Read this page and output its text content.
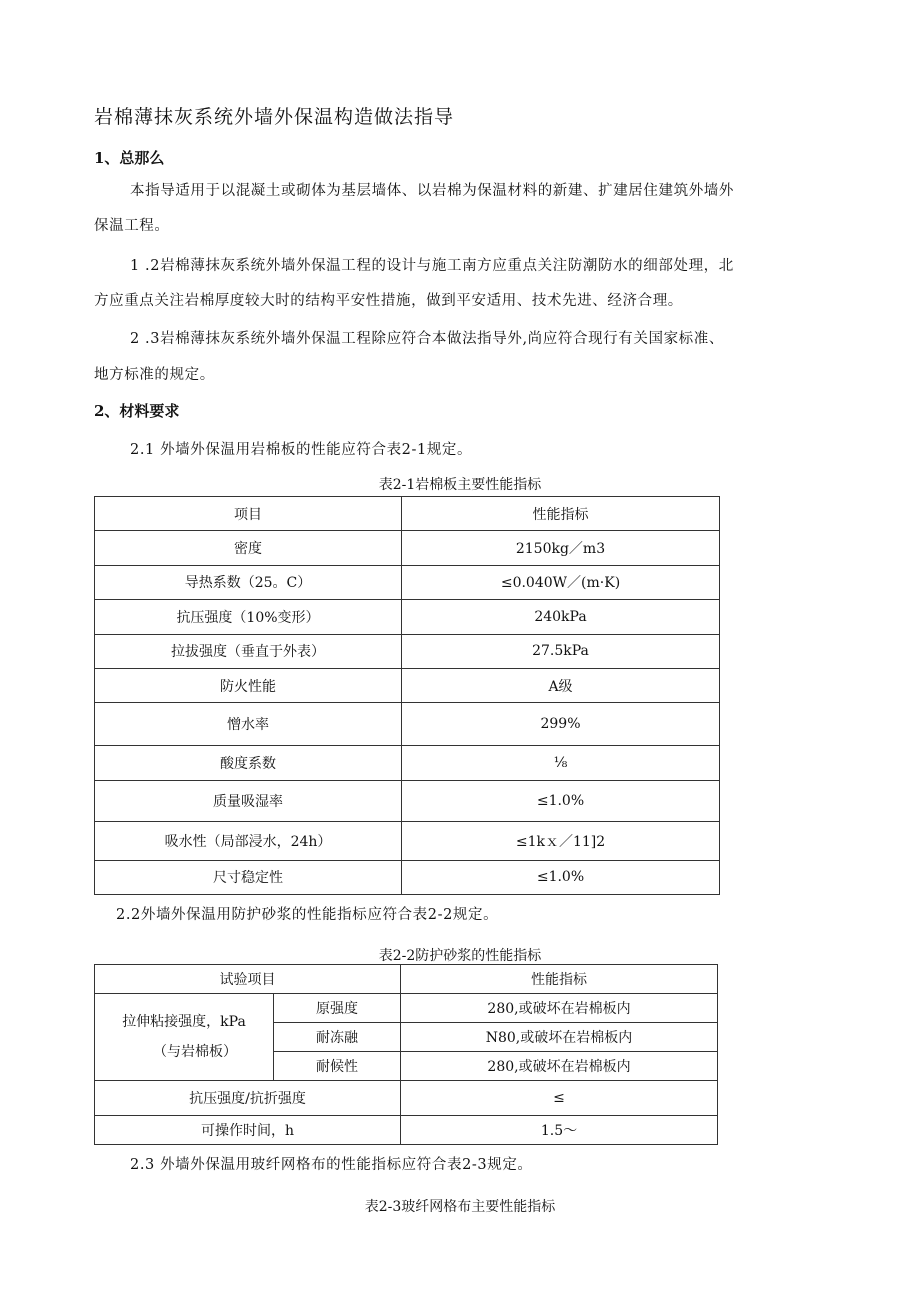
岩棉薄抹灰系统外墙外保温构造做法指导
1、总那么
本指导适用于以混凝土或砌体为基层墙体、以岩棉为保温材料的新建、扩建居住建筑外墙外
保温工程。
1 .2岩棉薄抹灰系统外墙外保温工程的设计与施工南方应重点关注防潮防水的细部处理，北
方应重点关注岩棉厚度较大时的结构平安性措施，做到平安适用、技术先进、经济合理。
2 .3岩棉薄抹灰系统外墙外保温工程除应符合本做法指导外,尚应符合现行有关国家标准、
地方标准的规定。
2、材料要求
2.1 外墙外保温用岩棉板的性能应符合表2-1规定。
表2-1岩棉板主要性能指标
项目	性能指标
密度	2150kg／m3
导热系数（25。C）	≤0.040W／(m·K)
抗压强度（10%变形）	240kPa
拉拔强度（垂直于外表）	27.5kPa
防火性能	A级
憎水率	299%
酸度系数	⅛
质量吸湿率	≤1.0%
吸水性（局部浸水，24h）	≤1kｘ／11]2
尺寸稳定性	≤1.0%
2.2外墙外保温用防护砂浆的性能指标应符合表2-2规定。
表2-2防护砂浆的性能指标
试验项目		性能指标

拉伸粘接强度，kPa
（与岩棉板）	原强度	280,或破坏在岩棉板内
	耐冻融	N80,或破坏在岩棉板内
	耐候性	280,或破坏在岩棉板内
抗压强度/抗折强度		≤
可操作时间，h		1.5～
2.3 外墙外保温用玻纤网格布的性能指标应符合表2-3规定。
表2-3玻纤网格布主要性能指标
